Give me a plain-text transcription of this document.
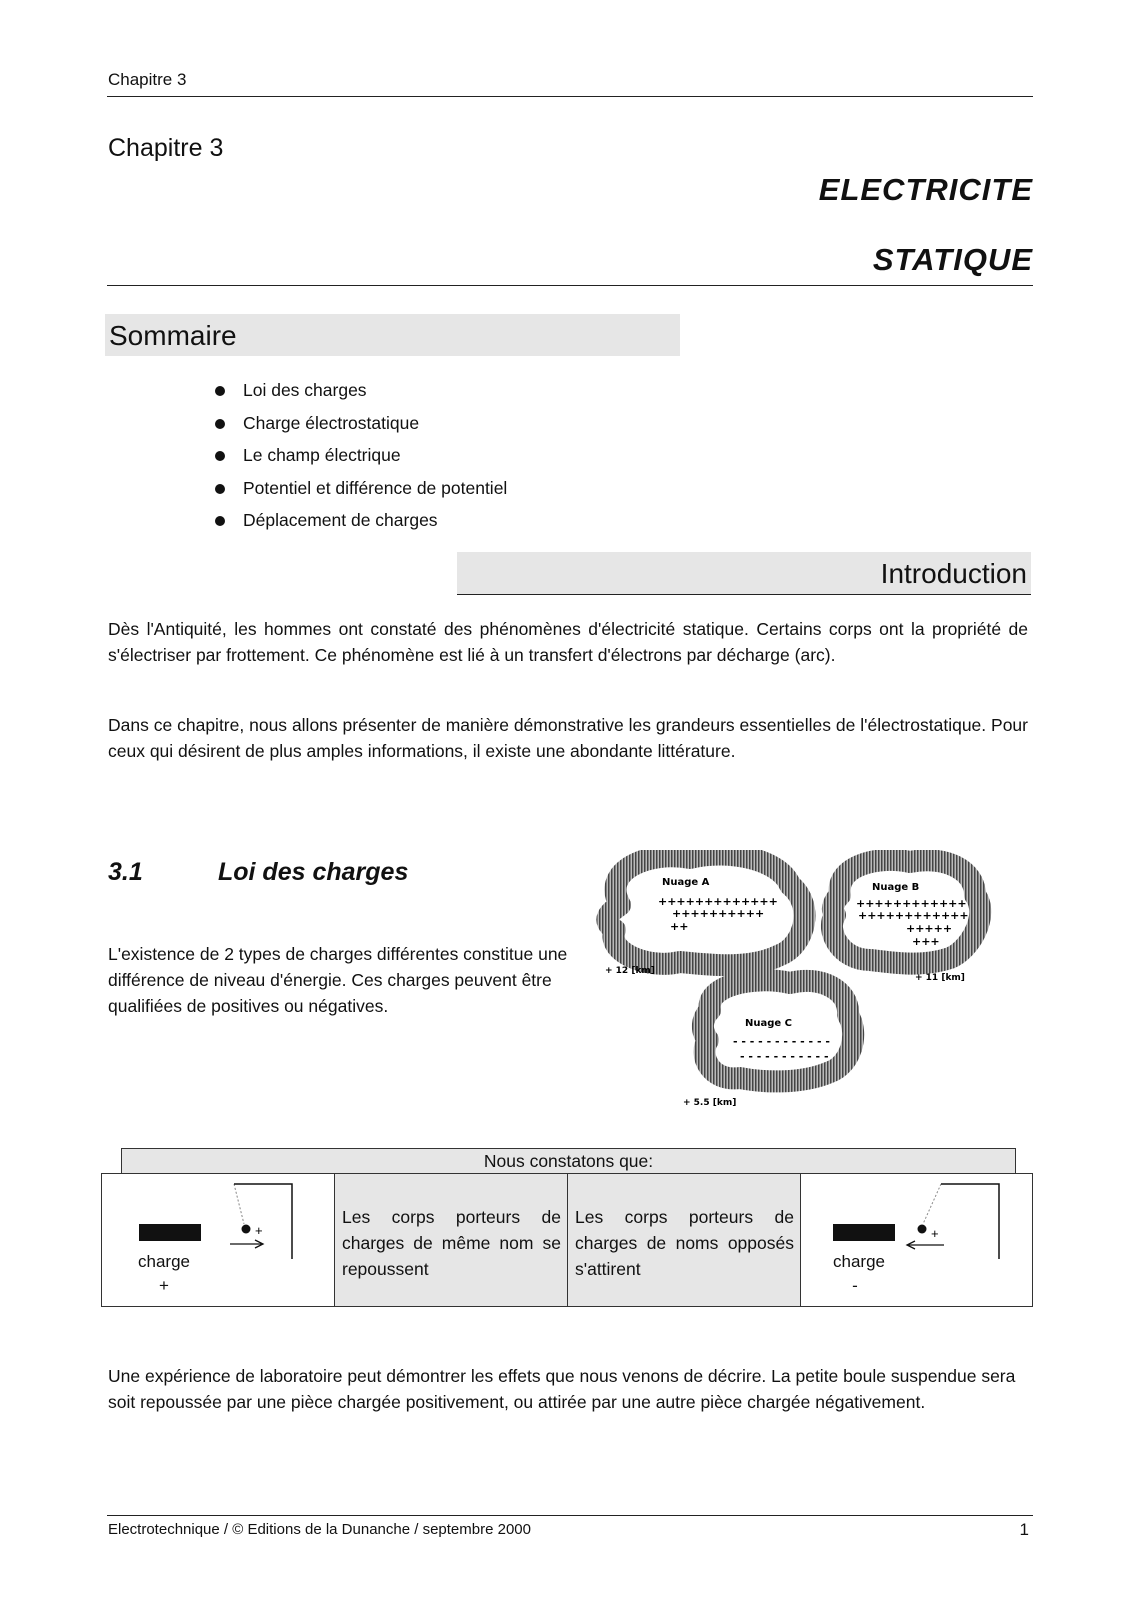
Chapitre 3
Chapitre 3
ELECTRICITE
STATIQUE
Sommaire
Loi des charges
Charge électrostatique
Le champ électrique
Potentiel et différence de potentiel
Déplacement de charges
Introduction
Dès l'Antiquité, les hommes ont constaté des phénomènes d'électricité statique. Certains corps ont la propriété de s'électriser par frottement. Ce phénomène est lié à un transfert d'électrons par décharge (arc).
Dans ce chapitre, nous allons présenter de manière démonstrative les grandeurs essentielles de l'électrostatique. Pour ceux qui désirent de plus amples informations, il existe une abondante littérature.
3.1	Loi des charges
L'existence de 2 types de charges différentes constitue une différence de niveau d'énergie. Ces charges peuvent être qualifiées de positives ou négatives.
Nuage A
+++++++++++++
++++++++++
++
+ 12 [km]
Nuage B
++++++++++++
++++++++++++
+++++
+++
+ 11 [km]
Nuage C
- - - - - - - - - - - -
- - - - - - - - - - -
+ 5.5 [km]
Nous constatons que:
+
charge
+
Les corps porteurs de charges de même nom se repoussent
Les corps porteurs de charges de noms opposés s'attirent
+
charge
-
Une expérience de laboratoire peut démontrer les effets que nous venons de décrire. La petite boule suspendue sera soit repoussée par une pièce chargée positivement, ou attirée par une autre pièce chargée négativement.
Electrotechnique / © Editions de la Dunanche / septembre 2000	1
